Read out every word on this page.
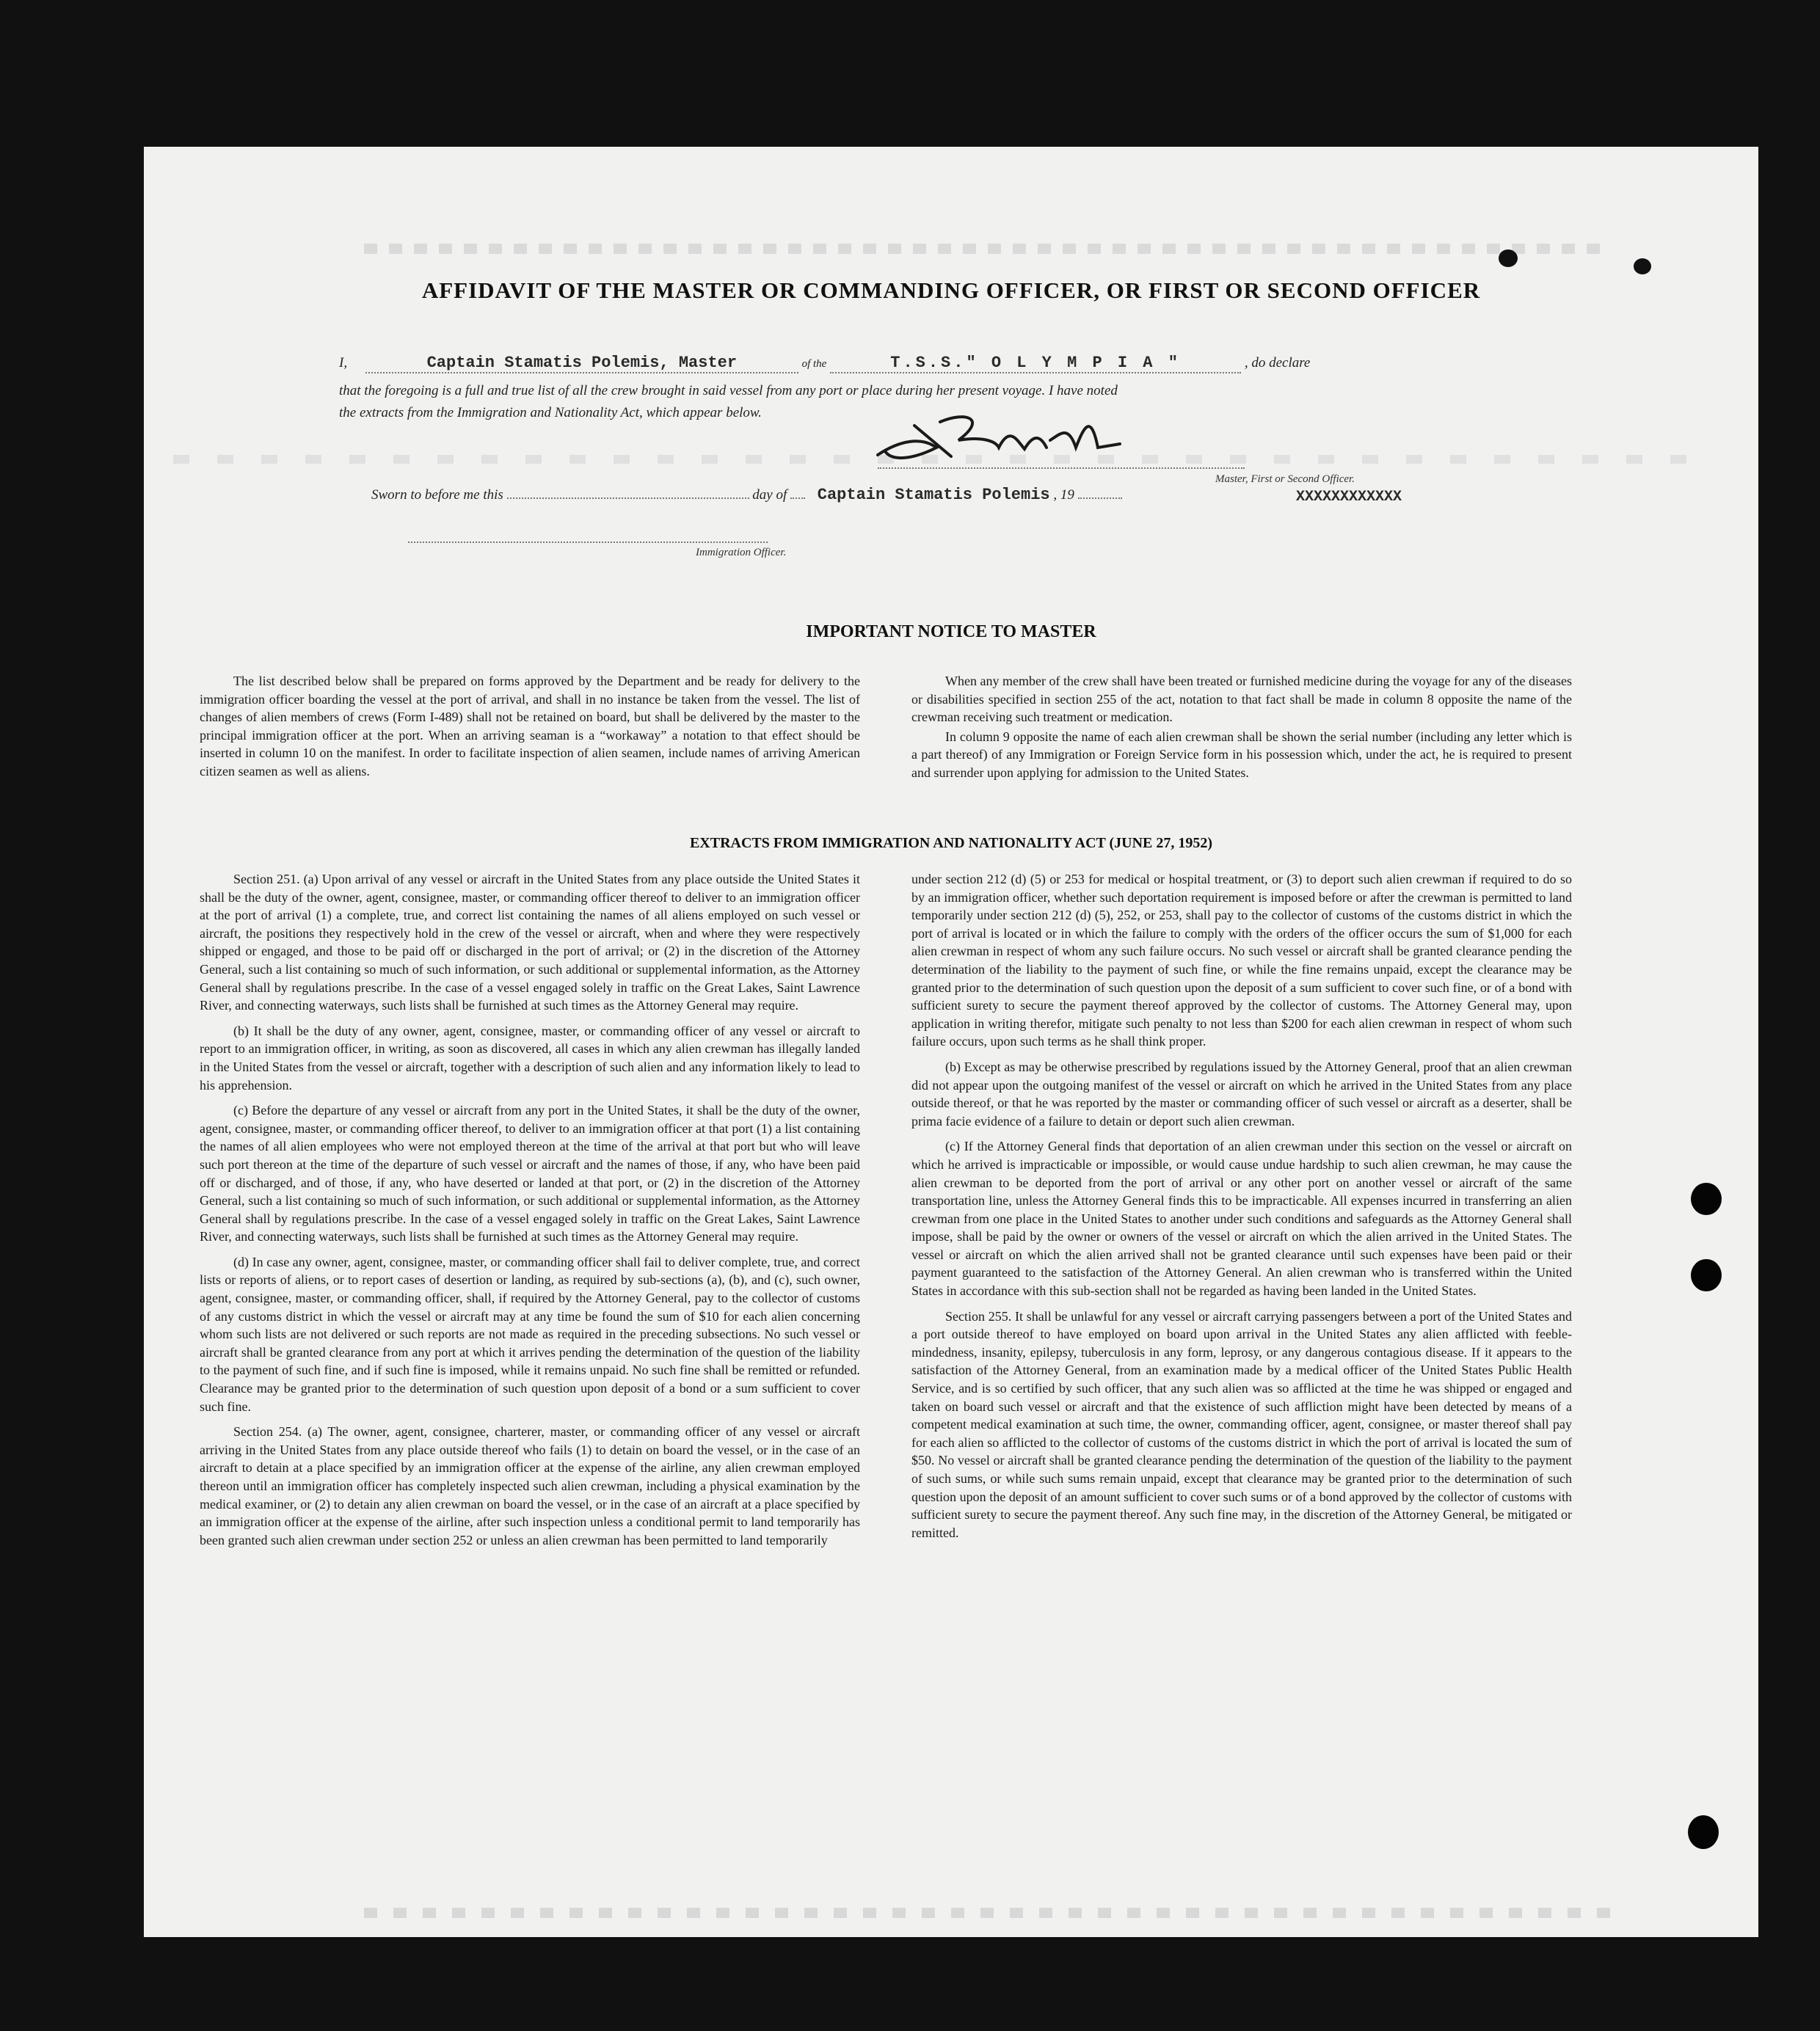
AFFIDAVIT OF THE MASTER OR COMMANDING OFFICER, OR FIRST OR SECOND OFFICER
I,	Captain Stamatis Polemis, Master	of the	T.S.S." O L Y M P I A "	, do declare
that the foregoing is a full and true list of all the crew brought in said vessel from any port or place during her present voyage. I have noted
the extracts from the Immigration and Nationality Act, which appear below.
Sworn to before me this	day of Captain Stamatis Polemis , 19
Master, First or Second Officer.
XXXXXXXXXXXX
Immigration Officer.
IMPORTANT NOTICE TO MASTER

The list described below shall be prepared on forms approved by the Department and be ready for delivery to the immigration officer boarding the vessel at the port of arrival, and shall in no instance be taken from the vessel. The list of changes of alien members of crews (Form I-489) shall not be retained on board, but shall be delivered by the master to the principal immigration officer at the port. When an arriving seaman is a “workaway” a notation to that effect should be inserted in column 10 on the manifest. In order to facilitate inspection of alien seamen, include names of arriving American citizen seamen as well as aliens.

When any member of the crew shall have been treated or furnished medicine during the voyage for any of the diseases or disabilities specified in section 255 of the act, notation to that fact shall be made in column 8 opposite the name of the crewman receiving such treatment or medication.

In column 9 opposite the name of each alien crewman shall be shown the serial number (including any letter which is a part thereof) of any Immigration or Foreign Service form in his possession which, under the act, he is required to present and surrender upon applying for admission to the United States.

EXTRACTS FROM IMMIGRATION AND NATIONALITY ACT (JUNE 27, 1952)

Section 251. (a) Upon arrival of any vessel or aircraft in the United States from any place outside the United States it shall be the duty of the owner, agent, consignee, master, or commanding officer thereof to deliver to an immigration officer at the port of arrival (1) a complete, true, and correct list containing the names of all aliens employed on such vessel or aircraft, the positions they respectively hold in the crew of the vessel or aircraft, when and where they were respectively shipped or engaged, and those to be paid off or discharged in the port of arrival; or (2) in the discretion of the Attorney General, such a list containing so much of such information, or such additional or supplemental information, as the Attorney General shall by regulations prescribe. In the case of a vessel engaged solely in traffic on the Great Lakes, Saint Lawrence River, and connecting waterways, such lists shall be furnished at such times as the Attorney General may require.

(b) It shall be the duty of any owner, agent, consignee, master, or commanding officer of any vessel or aircraft to report to an immigration officer, in writing, as soon as discovered, all cases in which any alien crewman has illegally landed in the United States from the vessel or aircraft, together with a description of such alien and any information likely to lead to his apprehension.

(c) Before the departure of any vessel or aircraft from any port in the United States, it shall be the duty of the owner, agent, consignee, master, or commanding officer thereof, to deliver to an immigration officer at that port (1) a list containing the names of all alien employees who were not employed thereon at the time of the arrival at that port but who will leave such port thereon at the time of the departure of such vessel or aircraft and the names of those, if any, who have been paid off or discharged, and of those, if any, who have deserted or landed at that port, or (2) in the discretion of the Attorney General, such a list containing so much of such information, or such additional or supplemental information, as the Attorney General shall by regulations prescribe. In the case of a vessel engaged solely in traffic on the Great Lakes, Saint Lawrence River, and connecting waterways, such lists shall be furnished at such times as the Attorney General may require.

(d) In case any owner, agent, consignee, master, or commanding officer shall fail to deliver complete, true, and correct lists or reports of aliens, or to report cases of desertion or landing, as required by sub-sections (a), (b), and (c), such owner, agent, consignee, master, or commanding officer, shall, if required by the Attorney General, pay to the collector of customs of any customs district in which the vessel or aircraft may at any time be found the sum of $10 for each alien concerning whom such lists are not delivered or such reports are not made as required in the preceding subsections. No such vessel or aircraft shall be granted clearance from any port at which it arrives pending the determination of the question of the liability to the payment of such fine, and if such fine is imposed, while it remains unpaid. No such fine shall be remitted or refunded. Clearance may be granted prior to the determination of such question upon deposit of a bond or a sum sufficient to cover such fine.

Section 254. (a) The owner, agent, consignee, charterer, master, or commanding officer of any vessel or aircraft arriving in the United States from any place outside thereof who fails (1) to detain on board the vessel, or in the case of an aircraft to detain at a place specified by an immigration officer at the expense of the airline, any alien crewman employed thereon until an immigration officer has completely inspected such alien crewman, including a physical examination by the medical examiner, or (2) to detain any alien crewman on board the vessel, or in the case of an aircraft at a place specified by an immigration officer at the expense of the airline, after such inspection unless a conditional permit to land temporarily has been granted such alien crewman under section 252 or unless an alien crewman has been permitted to land temporarily

under section 212 (d) (5) or 253 for medical or hospital treatment, or (3) to deport such alien crewman if required to do so by an immigration officer, whether such deportation requirement is imposed before or after the crewman is permitted to land temporarily under section 212 (d) (5), 252, or 253, shall pay to the collector of customs of the customs district in which the port of arrival is located or in which the failure to comply with the orders of the officer occurs the sum of $1,000 for each alien crewman in respect of whom any such failure occurs. No such vessel or aircraft shall be granted clearance pending the determination of the liability to the payment of such fine, or while the fine remains unpaid, except the clearance may be granted prior to the determination of such question upon the deposit of a sum sufficient to cover such fine, or of a bond with sufficient surety to secure the payment thereof approved by the collector of customs. The Attorney General may, upon application in writing therefor, mitigate such penalty to not less than $200 for each alien crewman in respect of whom such failure occurs, upon such terms as he shall think proper.

(b) Except as may be otherwise prescribed by regulations issued by the Attorney General, proof that an alien crewman did not appear upon the outgoing manifest of the vessel or aircraft on which he arrived in the United States from any place outside thereof, or that he was reported by the master or commanding officer of such vessel or aircraft as a deserter, shall be prima facie evidence of a failure to detain or deport such alien crewman.

(c) If the Attorney General finds that deportation of an alien crewman under this section on the vessel or aircraft on which he arrived is impracticable or impossible, or would cause undue hardship to such alien crewman, he may cause the alien crewman to be deported from the port of arrival or any other port on another vessel or aircraft of the same transportation line, unless the Attorney General finds this to be impracticable. All expenses incurred in transferring an alien crewman from one place in the United States to another under such conditions and safeguards as the Attorney General shall impose, shall be paid by the owner or owners of the vessel or aircraft on which the alien arrived in the United States. The vessel or aircraft on which the alien arrived shall not be granted clearance until such expenses have been paid or their payment guaranteed to the satisfaction of the Attorney General. An alien crewman who is transferred within the United States in accordance with this sub-section shall not be regarded as having been landed in the United States.

Section 255. It shall be unlawful for any vessel or aircraft carrying passengers between a port of the United States and a port outside thereof to have employed on board upon arrival in the United States any alien afflicted with feeble-mindedness, insanity, epilepsy, tuberculosis in any form, leprosy, or any dangerous contagious disease. If it appears to the satisfaction of the Attorney General, from an examination made by a medical officer of the United States Public Health Service, and is so certified by such officer, that any such alien was so afflicted at the time he was shipped or engaged and taken on board such vessel or aircraft and that the existence of such affliction might have been detected by means of a competent medical examination at such time, the owner, commanding officer, agent, consignee, or master thereof shall pay for each alien so afflicted to the collector of customs of the customs district in which the port of arrival is located the sum of $50. No vessel or aircraft shall be granted clearance pending the determination of the question of the liability to the payment of such sums, or while such sums remain unpaid, except that clearance may be granted prior to the determination of such question upon the deposit of an amount sufficient to cover such sums or of a bond approved by the collector of customs with sufficient surety to secure the payment thereof. Any such fine may, in the discretion of the Attorney General, be mitigated or remitted.
